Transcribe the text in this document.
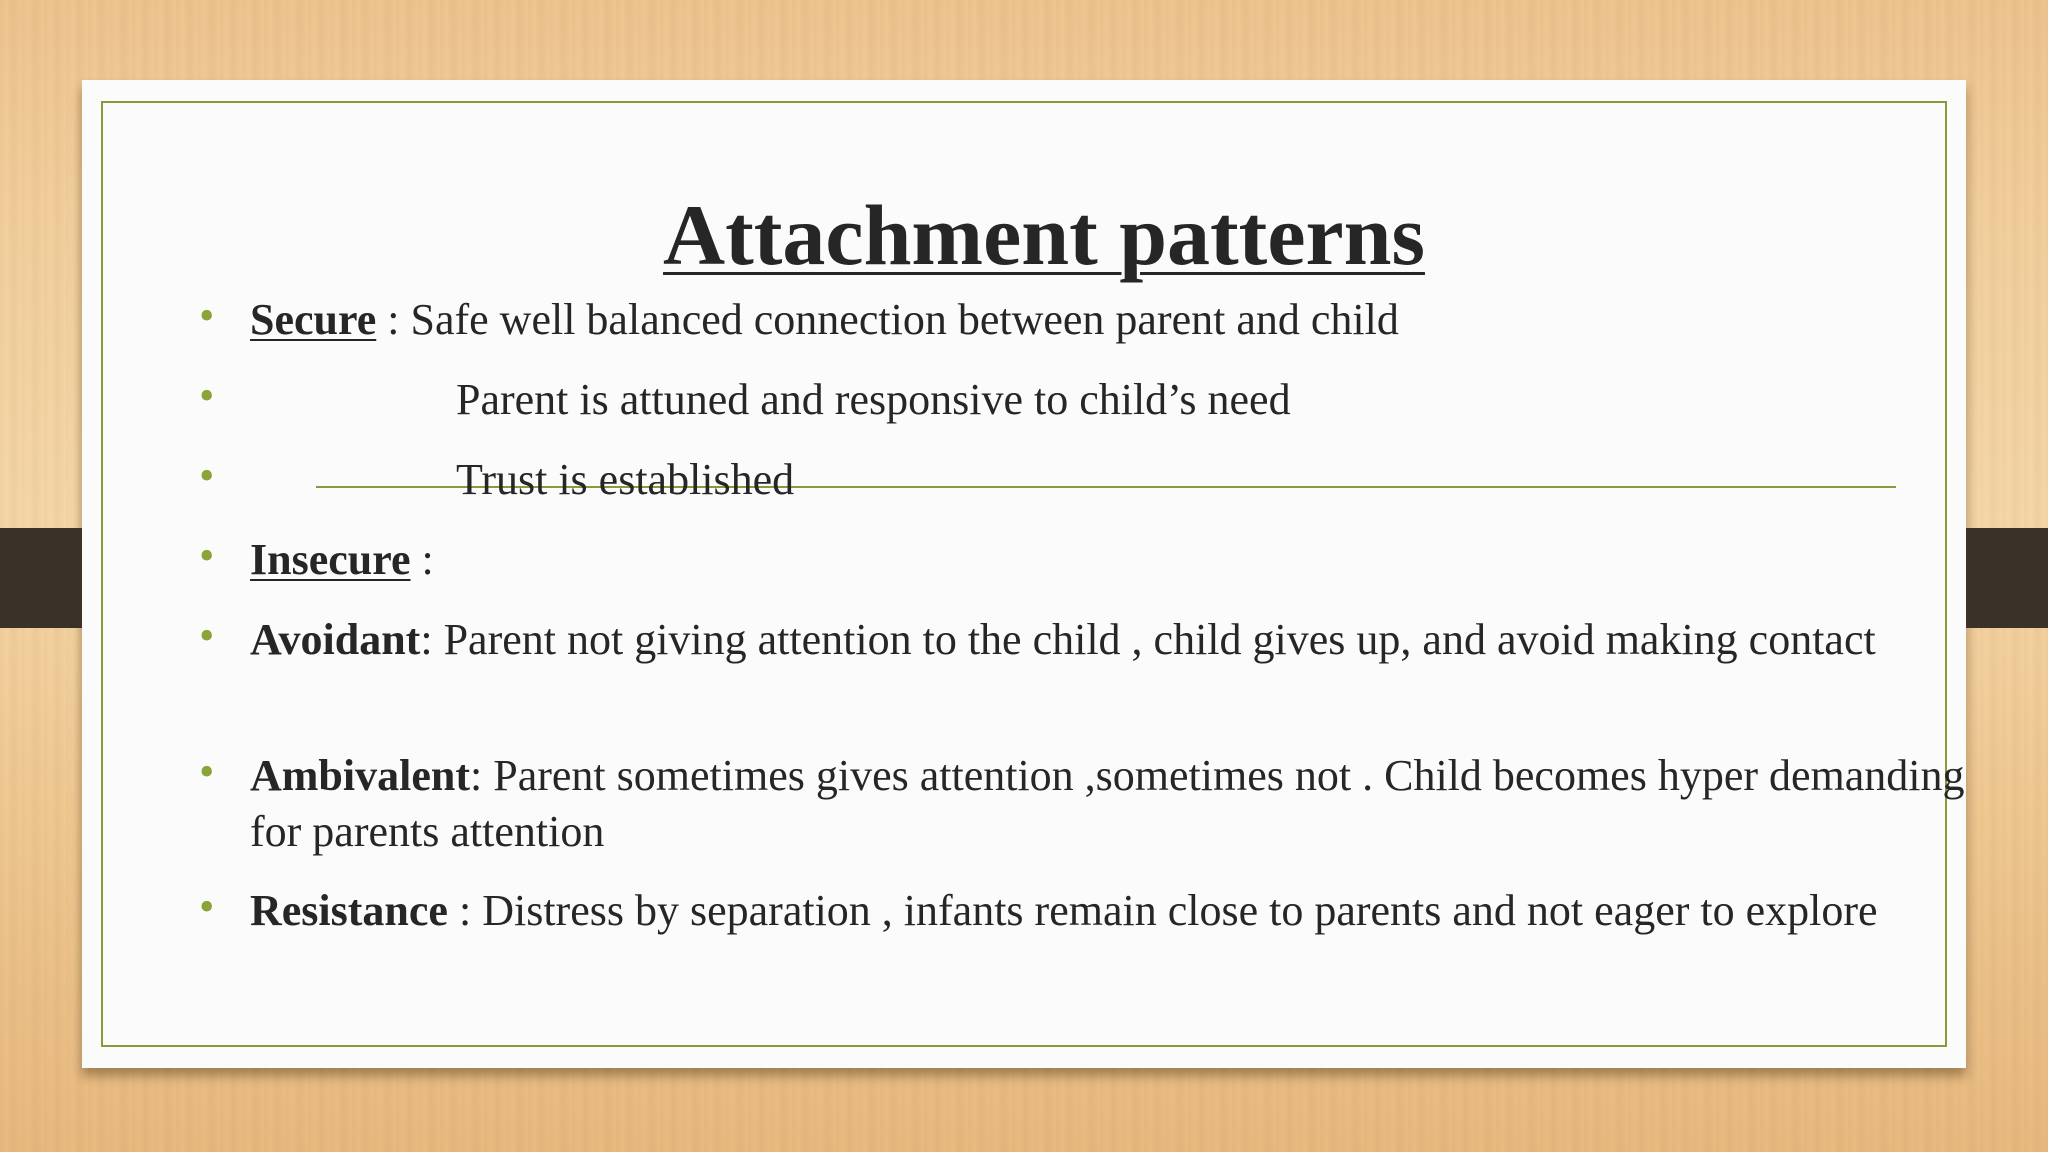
Attachment patterns
• Secure : Safe well balanced connection between parent and child
•	Parent is attuned and responsive to child’s need
•	Trust is established
• Insecure :
• Avoidant: Parent not giving attention to the child , child gives up, and avoid making contact
• Ambivalent: Parent sometimes gives attention ,sometimes not . Child becomes hyper demanding for parents attention
• Resistance : Distress by separation , infants remain close to parents and not eager to explore
